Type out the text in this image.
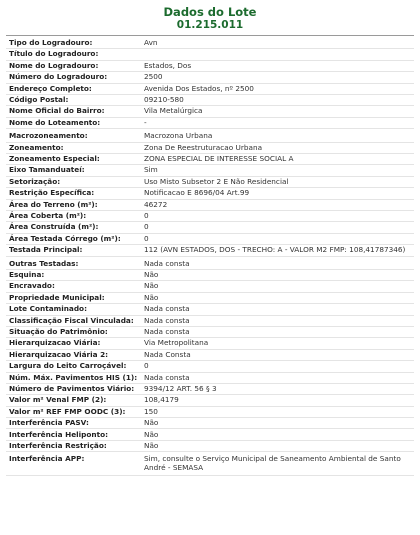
Dados do Lote
01.215.011
Tipo do Logradouro:	Avn
Título do Logradouro:	
Nome do Logradouro:	Estados, Dos
Número do Logradouro:	2500
Endereço Completo:	Avenida Dos Estados, nº 2500
Código Postal:	09210-580
Nome Oficial do Bairro:	Vila Metalúrgica
Nome do Loteamento:	-
Macrozoneamento:	Macrozona Urbana
Zoneamento:	Zona De Reestruturacao Urbana
Zoneamento Especial:	ZONA ESPECIAL DE INTERESSE SOCIAL A
Eixo Tamanduateí:	Sim
Setorização:	Uso Misto Subsetor 2 E Não Residencial
Restrição Específica:	Notificacao E 8696/04 Art.99
Área do Terreno (m²):	46272
Área Coberta (m²):	0
Área Construída (m²):	0
Área Testada Córrego (m²):	0
Testada Principal:	112 (AVN ESTADOS, DOS - TRECHO: A - VALOR M2 FMP: 108,41787346)
Outras Testadas:	Nada consta
Esquina:	Não
Encravado:	Não
Propriedade Municipal:	Não
Lote Contaminado:	Nada consta
Classificação Fiscal Vinculada:	Nada consta
Situação do Patrimônio:	Nada consta
Hierarquizacao Viária:	Via Metropolitana
Hierarquizacao Viária 2:	Nada Consta
Largura do Leito Carroçável:	0
Núm. Máx. Pavimentos HIS (1):	Nada consta
Número de Pavimentos Viário:	9394/12 ART. 56 § 3
Valor m² Venal FMP (2):	108,4179
Valor m² REF FMP OODC (3):	150
Interferência PASV:	Não
Interferência Heliponto:	Não
Interferência Restrição:	Não
Interferência APP:	Sim, consulte o Serviço Municipal de Saneamento Ambiental de Santo André - SEMASA
